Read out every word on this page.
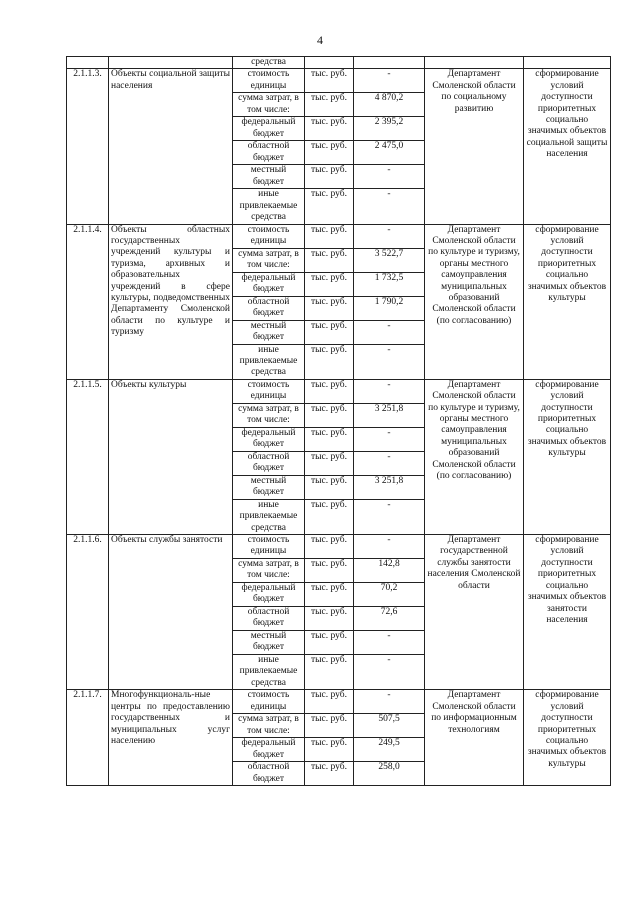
4
		средства				
2.1.1.3.	Объекты социальной защиты населения	стоимость единицы	тыс. руб.	-	Департамент Смоленской области по социальному развитию	сформирование условий доступности приоритетных социально значимых объектов социальной защиты населения
		сумма затрат, в том числе:	тыс. руб.	4 870,2		
		федеральный бюджет	тыс. руб.	2 395,2		
		областной бюджет	тыс. руб.	2 475,0		
		местный бюджет	тыс. руб.	-		
		иные привлекаемые средства	тыс. руб.	-		
2.1.1.4.	Объекты областных государственных учреждений культуры и туризма, архивных и образовательных учреждений в сфере культуры, подведомственных Департаменту Смоленской области по культуре и туризму	стоимость единицы	тыс. руб.	-	Департамент Смоленской области по культуре и туризму, органы местного самоуправления муниципальных образований Смоленской области (по согласованию)	сформирование условий доступности приоритетных социально значимых объектов культуры
		сумма затрат, в том числе:	тыс. руб.	3 522,7		
		федеральный бюджет	тыс. руб.	1 732,5		
		областной бюджет	тыс. руб.	1 790,2		
		местный бюджет	тыс. руб.	-		
		иные привлекаемые средства	тыс. руб.	-		
2.1.1.5.	Объекты культуры	стоимость единицы	тыс. руб.	-	Департамент Смоленской области по культуре и туризму, органы местного самоуправления муниципальных образований Смоленской области (по согласованию)	сформирование условий доступности приоритетных социально значимых объектов культуры
		сумма затрат, в том числе:	тыс. руб.	3 251,8		
		федеральный бюджет	тыс. руб.	-		
		областной бюджет	тыс. руб.	-		
		местный бюджет	тыс. руб.	3 251,8		
		иные привлекаемые средства	тыс. руб.	-		
2.1.1.6.	Объекты службы занятости	стоимость единицы	тыс. руб.	-	Департамент государственной службы занятости населения Смоленской области	сформирование условий доступности приоритетных социально значимых объектов занятости населения
		сумма затрат, в том числе:	тыс. руб.	142,8		
		федеральный бюджет	тыс. руб.	70,2		
		областной бюджет	тыс. руб.	72,6		
		местный бюджет	тыс. руб.	-		
		иные привлекаемые средства	тыс. руб.	-		
2.1.1.7.	Многофункциональ-ные центры по предоставлению государственных и муниципальных услуг населению	стоимость единицы	тыс. руб.	-	Департамент Смоленской области по информационным технологиям	сформирование условий доступности приоритетных социально значимых объектов культуры
		сумма затрат, в том числе:	тыс. руб.	507,5		
		федеральный бюджет	тыс. руб.	249,5		
		областной бюджет	тыс. руб.	258,0		
